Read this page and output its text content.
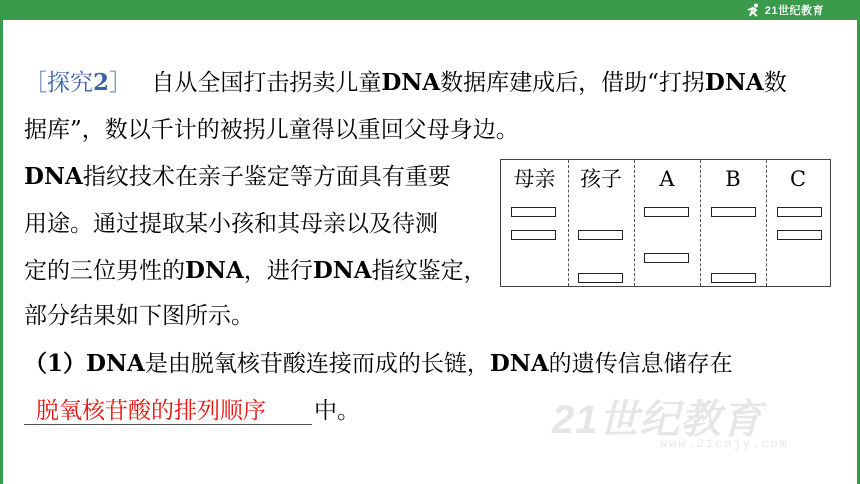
21世纪教育
［探究2］ 自从全国打击拐卖儿童DNA数据库建成后，借助“打拐DNA数
据库”，数以千计的被拐儿童得以重回父母身边。
DNA指纹技术在亲子鉴定等方面具有重要
用途。通过提取某小孩和其母亲以及待测
定的三位男性的DNA，进行DNA指纹鉴定，
部分结果如下图所示。
母亲	孩子	A	B	C
（1）DNA是由脱氧核苷酸连接而成的长链，DNA的遗传信息储存在
脱氧核苷酸的排列顺序 中。	21世纪教育
www.21cnjy.com
